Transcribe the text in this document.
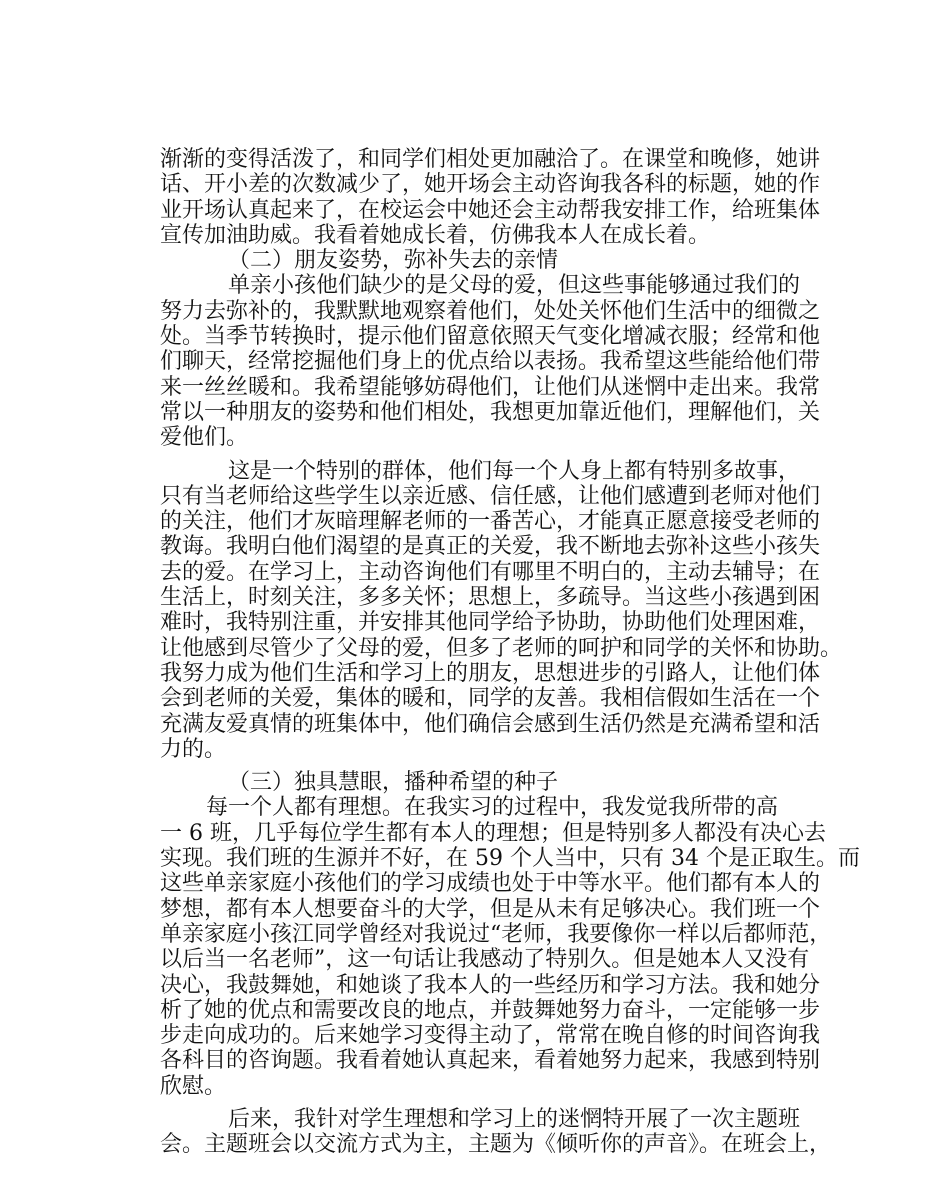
渐渐的变得活泼了，和同学们相处更加融洽了。在课堂和晚修，她讲
话、开小差的次数减少了，她开场会主动咨询我各科的标题，她的作
业开场认真起来了，在校运会中她还会主动帮我安排工作，给班集体
宣传加油助威。我看着她成长着，仿佛我本人在成长着。
（二）朋友姿势，弥补失去的亲情
单亲小孩他们缺少的是父母的爱，但这些事能够通过我们的
努力去弥补的，我默默地观察着他们，处处关怀他们生活中的细微之
处。当季节转换时，提示他们留意依照天气变化增减衣服；经常和他
们聊天，经常挖掘他们身上的优点给以表扬。我希望这些能给他们带
来一丝丝暖和。我希望能够妨碍他们，让他们从迷惘中走出来。我常
常以一种朋友的姿势和他们相处，我想更加靠近他们，理解他们，关
爱他们。
这是一个特别的群体，他们每一个人身上都有特别多故事，
只有当老师给这些学生以亲近感、信任感，让他们感遭到老师对他们
的关注，他们才灰暗理解老师的一番苦心，才能真正愿意接受老师的
教诲。我明白他们渴望的是真正的关爱，我不断地去弥补这些小孩失
去的爱。在学习上，主动咨询他们有哪里不明白的，主动去辅导；在
生活上，时刻关注，多多关怀；思想上，多疏导。当这些小孩遇到困
难时，我特别注重，并安排其他同学给予协助，协助他们处理困难，
让他感到尽管少了父母的爱，但多了老师的呵护和同学的关怀和协助。
我努力成为他们生活和学习上的朋友，思想进步的引路人，让他们体
会到老师的关爱，集体的暖和，同学的友善。我相信假如生活在一个
充满友爱真情的班集体中，他们确信会感到生活仍然是充满希望和活
力的。
（三）独具慧眼，播种希望的种子
每一个人都有理想。在我实习的过程中，我发觉我所带的高
一 6 班，几乎每位学生都有本人的理想；但是特别多人都没有决心去
实现。我们班的生源并不好，在 59 个人当中，只有 34 个是正取生。而
这些单亲家庭小孩他们的学习成绩也处于中等水平。他们都有本人的
梦想，都有本人想要奋斗的大学，但是从未有足够决心。我们班一个
单亲家庭小孩江同学曾经对我说过“老师，我要像你一样以后都师范，
以后当一名老师”，这一句话让我感动了特别久。但是她本人又没有
决心，我鼓舞她，和她谈了我本人的一些经历和学习方法。我和她分
析了她的优点和需要改良的地点，并鼓舞她努力奋斗，一定能够一步
步走向成功的。后来她学习变得主动了，常常在晚自修的时间咨询我
各科目的咨询题。我看着她认真起来，看着她努力起来，我感到特别
欣慰。
后来，我针对学生理想和学习上的迷惘特开展了一次主题班
会。主题班会以交流方式为主，主题为《倾听你的声音》。在班会上，
